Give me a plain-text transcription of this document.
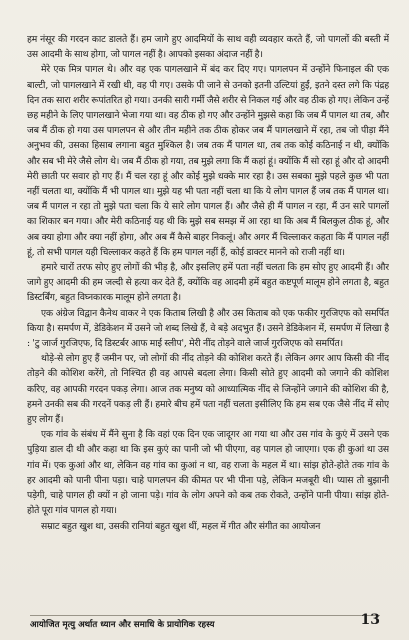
हम नंसूर की गरदन काट डालते हैं। हम जागे हुए आदमियों के साथ वही व्यवहार करते हैं, जो पागलों की बस्ती में उस आदमी के साथ होगा, जो पागल नहीं है। आपको इसका अंदाज नहीं है।

मेरे एक मित्र पागल थे। और वह एक पागलखाने में बंद कर दिए गए। पागलपन में उन्होंने फिनाइल की एक बाल्टी, जो पागलखाने में रखी थी, वह पी गए। उसके पी जाने से उनको इतनी उल्टियां हुईं, इतने दस्त लगे कि पंद्रह दिन तक सारा शरीर रूपांतरित हो गया। उनकी सारी गर्मी जैसे शरीर से निकल गई और वह ठीक हो गए। लेकिन उन्हें छह महीने के लिए पागलखाने भेजा गया था। वह ठीक हो गए और उन्होंने मुझसे कहा कि जब मैं पागल था तब, और जब मैं ठीक हो गया उस पागलपन से और तीन महीने तक ठीक होकर जब मैं पागलखाने में रहा, तब जो पीड़ा मैंने अनुभव की, उसका हिसाब लगाना बहुत मुश्किल है। जब तक मैं पागल था, तब तक कोई कठिनाई न थी, क्योंकि और सब भी मेरे जैसे लोग थे। जब मैं ठीक हो गया, तब मुझे लगा कि मैं कहां हूं। क्योंकि मैं सो रहा हूं और दो आदमी मेरी छाती पर सवार हो गए हैं। मैं चल रहा हूं और कोई मुझे धक्के मार रहा है। उस सबका मुझे पहले कुछ भी पता नहीं चलता था, क्योंकि मैं भी पागल था। मुझे यह भी पता नहीं चला था कि ये लोग पागल हैं जब तक मैं पागल था। जब मैं पागल न रहा तो मुझे पता चला कि ये सारे लोग पागल हैं। और जैसे ही मैं पागल न रहा, मैं उन सारे पागलों का शिकार बन गया। और मेरी कठिनाई यह थी कि मुझे सब समझ में आ रहा था कि अब मैं बिलकुल ठीक हूं, और अब क्या होगा और क्या नहीं होगा, और अब मैं कैसे बाहर निकलूं। और अगर मैं चिल्लाकर कहता कि मैं पागल नहीं हूं, तो सभी पागल यही चिल्लाकर कहते हैं कि हम पागल नहीं हैं, कोई डाक्टर मानने को राजी नहीं था।

हमारे चारों तरफ सोए हुए लोगों की भीड़ है, और इसलिए हमें पता नहीं चलता कि हम सोए हुए आदमी हैं। और जागे हुए आदमी की हम जल्दी से हत्या कर देते हैं, क्योंकि वह आदमी हमें बहुत कष्टपूर्ण मालूम होने लगता है, बहुत डिस्टर्बिंग, बहुत विघ्नकारक मालूम होने लगता है।

एक अंग्रेज विद्वान कैनेथ वाकर ने एक किताब लिखी है और उस किताब को एक फकीर गुरजिएफ को समर्पित किया है। समर्पण में, डेडिकेशन में उसने जो शब्द लिखे हैं, वे बड़े अदभुत हैं। उसने डेडिकेशन में, समर्पण में लिखा है : 'टु जार्ज गुरजिएफ, दि डिस्टर्बर आफ माई स्लीप', मेरी नींद तोड़ने वाले जार्ज गुरजिएफ को समर्पित।

थोड़े-से लोग हुए हैं जमीन पर, जो लोगों की नींद तोड़ने की कोशिश करते हैं। लेकिन अगर आप किसी की नींद तोड़ने की कोशिश करेंगे, तो निश्चित ही वह आपसे बदला लेगा। किसी सोते हुए आदमी को जगाने की कोशिश करिए, वह आपकी गरदन पकड़ लेगा। आज तक मनुष्य को आध्यात्मिक नींद से जिन्होंने जगाने की कोशिश की है, हमने उनकी सब की गरदनें पकड़ ली हैं। हमारे बीच हमें पता नहीं चलता इसीलिए कि हम सब एक जैसे नींद में सोए हुए लोग हैं।

एक गांव के संबंध में मैंने सुना है कि वहां एक दिन एक जादूगर आ गया था और उस गांव के कुएं में उसने एक पुड़िया डाल दी थी और कहा था कि इस कुएं का पानी जो भी पीएगा, वह पागल हो जाएगा। एक ही कुआं था उस गांव में। एक कुआं और था, लेकिन वह गांव का कुआं न था, वह राजा के महल में था। सांझ होते-होते तक गांव के हर आदमी को पानी पीना पड़ा। चाहे पागलपन की कीमत पर भी पीना पड़े, लेकिन मजबूरी थी। प्यास तो बुझानी पड़ेगी, चाहे पागल ही क्यों न हो जाना पड़े। गांव के लोग अपने को कब तक रोकते, उन्होंने पानी पीया। सांझ होते-होते पूरा गांव पागल हो गया।

सम्राट बहुत खुश था, उसकी रानियां बहुत खुश थीं, महल में गीत और संगीत का आयोजन

आयोजित मृत्यु अर्थात ध्यान और समाधि के प्रायोगिक रहस्य	13
